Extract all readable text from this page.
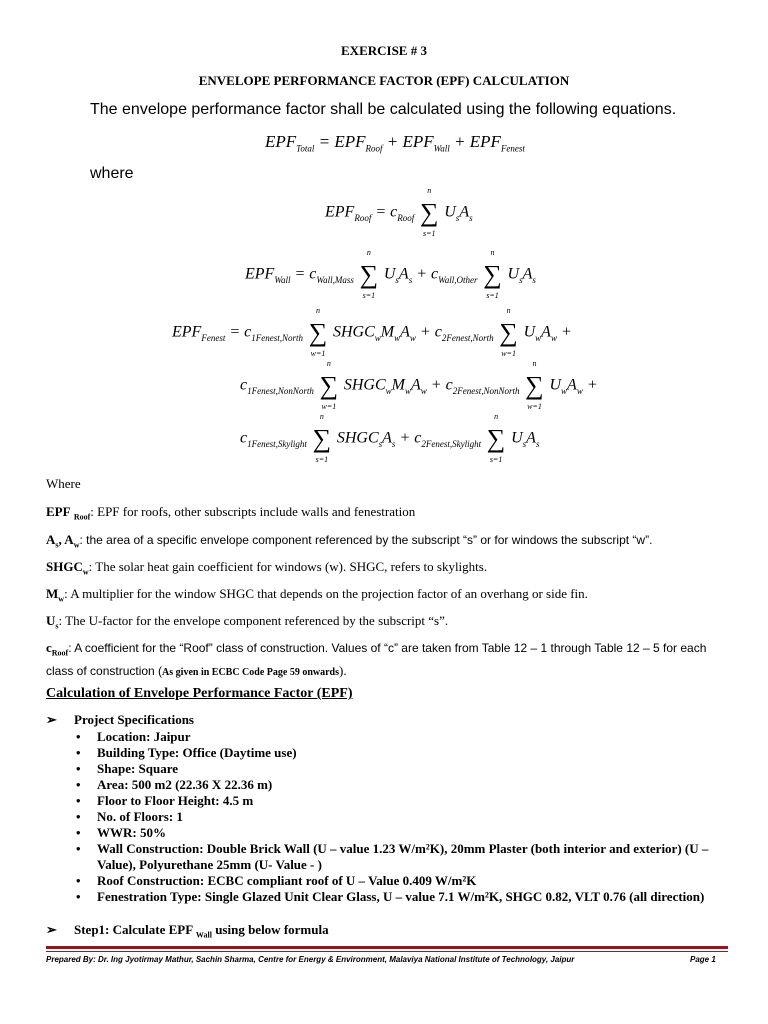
EXERCISE # 3
ENVELOPE PERFORMANCE FACTOR (EPF) CALCULATION
The envelope performance factor shall be calculated using the following equations.
$EPF_{Total} = EPF_{Roof} + EPF_{Wall} + EPF_{Fenest}$
where
$EPF_{Roof} = c_{Roof}$
n
∑
s=1
$U_sA_s$
$EPF_{Wall} = c_{Wall,Mass}$
n
∑
s=1
$U_sA_s + c_{Wall,Other}$
n
∑
s=1
$U_sA_s$
$EPF_{Fenest} = c_{1Fenest,North}$
n
∑
w=1
$SHGC_wM_wA_w + c_{2Fenest,North}$
n
∑
w=1
$U_wA_w$ +
$c_{1Fenest,NonNorth}$
n
∑
w=1
$SHGC_wM_wA_w + c_{2Fenest,NonNorth}$
n
∑
w=1
$U_wA_w$ +
$c_{1Fenest,Skylight}$
n
∑
s=1
$SHGC_sA_s + c_{2Fenest,Skylight}$
n
∑
s=1
$U_sA_s$
Where
EPF $_{Roof}$: EPF for roofs, other subscripts include walls and fenestration
$A_s$, $A_w$: the area of a specific envelope component referenced by the subscript “s” or for windows the subscript “w”.
$SHGC_w$: The solar heat gain coefficient for windows (w). SHGC, refers to skylights.
$M_w$: A multiplier for the window SHGC that depends on the projection factor of an overhang or side fin.
$U_s$: The U-factor for the envelope component referenced by the subscript “s”.
$c_{Roof}$: A coefficient for the “Roof” class of construction. Values of “c” are taken from Table 12 – 1 through Table 12 – 5 for each class of construction (As given in ECBC Code Page 59 onwards).
Calculation of Envelope Performance Factor (EPF)
➢ Project Specifications
• Location: Jaipur
• Building Type: Office (Daytime use)
• Shape: Square
• Area: 500 m2 (22.36 X 22.36 m)
• Floor to Floor Height: 4.5 m
• No. of Floors: 1
• WWR: 50%
• Wall Construction: Double Brick Wall (U – value 1.23 W/m²K), 20mm Plaster (both interior and exterior) (U – Value), Polyurethane 25mm (U- Value - )
• Roof Construction: ECBC compliant roof of U – Value 0.409 W/m²K
• Fenestration Type: Single Glazed Unit Clear Glass, U – value 7.1 W/m²K, SHGC 0.82, VLT 0.76 (all direction)
➢ Step1: Calculate EPF $_{Wall}$ using below formula
Prepared By: Dr. Ing Jyotirmay Mathur, Sachin Sharma, Centre for Energy & Environment, Malaviya National Institute of Technology, Jaipur	Page 1
